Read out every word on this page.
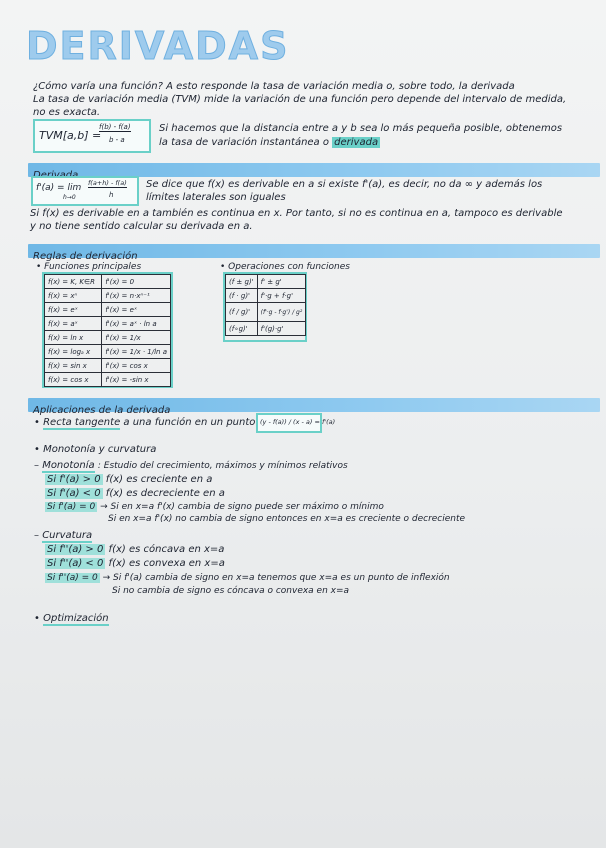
DERIVADAS
¿Cómo varía una función? A esto responde la tasa de variación media o, sobre todo, la derivada
La tasa de variación media (TVM) mide la variación de una función pero depende del intervalo de medida,
no es exacta.
TVM[a,b] =
f(b) - f(a)
b - a
Si hacemos que la distancia entre a y b sea lo más pequeña posible, obtenemos
la tasa de variación instantánea o derivada
f'(a) = lim
h→0
f(a+h) - f(a)
h
Se dice que f(x) es derivable en a si existe f'(a), es decir, no da ∞ y además los
límites laterales son iguales
Si f(x) es derivable en a también es continua en x. Por tanto, si no es continua en a, tampoco es derivable
y no tiene sentido calcular su derivada en a.
Reglas de derivación
• Funciones principales	• Operaciones con funciones
f(x) = K, K∈R	f'(x) = 0
f(x) = xⁿ	f'(x) = n·xⁿ⁻¹
f(x) = eˣ	f'(x) = eˣ
f(x) = aˣ	f'(x) = aˣ · ln a
f(x) = ln x	f'(x) = 1/x
f(x) = logₐ x	f'(x) = 1/x · 1/ln a
f(x) = sin x	f'(x) = cos x
f(x) = cos x	f'(x) = -sin x
(f ± g)'	f' ± g'
(f · g)'	f'·g + f·g'
(f / g)'	(f'·g - f·g') / g²
(f∘g)'	f'(g)·g'
Aplicaciones de la derivada
• Recta tangente a una función en un punto (y - f(a)) / (x - a) = f'(a)
• Monotonía y curvatura
– Monotonía : Estudio del crecimiento, máximos y mínimos relativos
Si f'(a) > 0 f(x) es creciente en a
Si f'(a) < 0 f(x) es decreciente en a
Si f'(a) = 0 → Si en x=a f'(x) cambia de signo puede ser máximo o mínimo
Si en x=a f'(x) no cambia de signo entonces en x=a es creciente o decreciente
– Curvatura
Si f''(a) > 0 f(x) es cóncava en x=a
Si f''(a) < 0 f(x) es convexa en x=a
Si f''(a) = 0 → Si f'(a) cambia de signo en x=a tenemos que x=a es un punto de inflexión
Si no cambia de signo es cóncava o convexa en x=a
• Optimización
